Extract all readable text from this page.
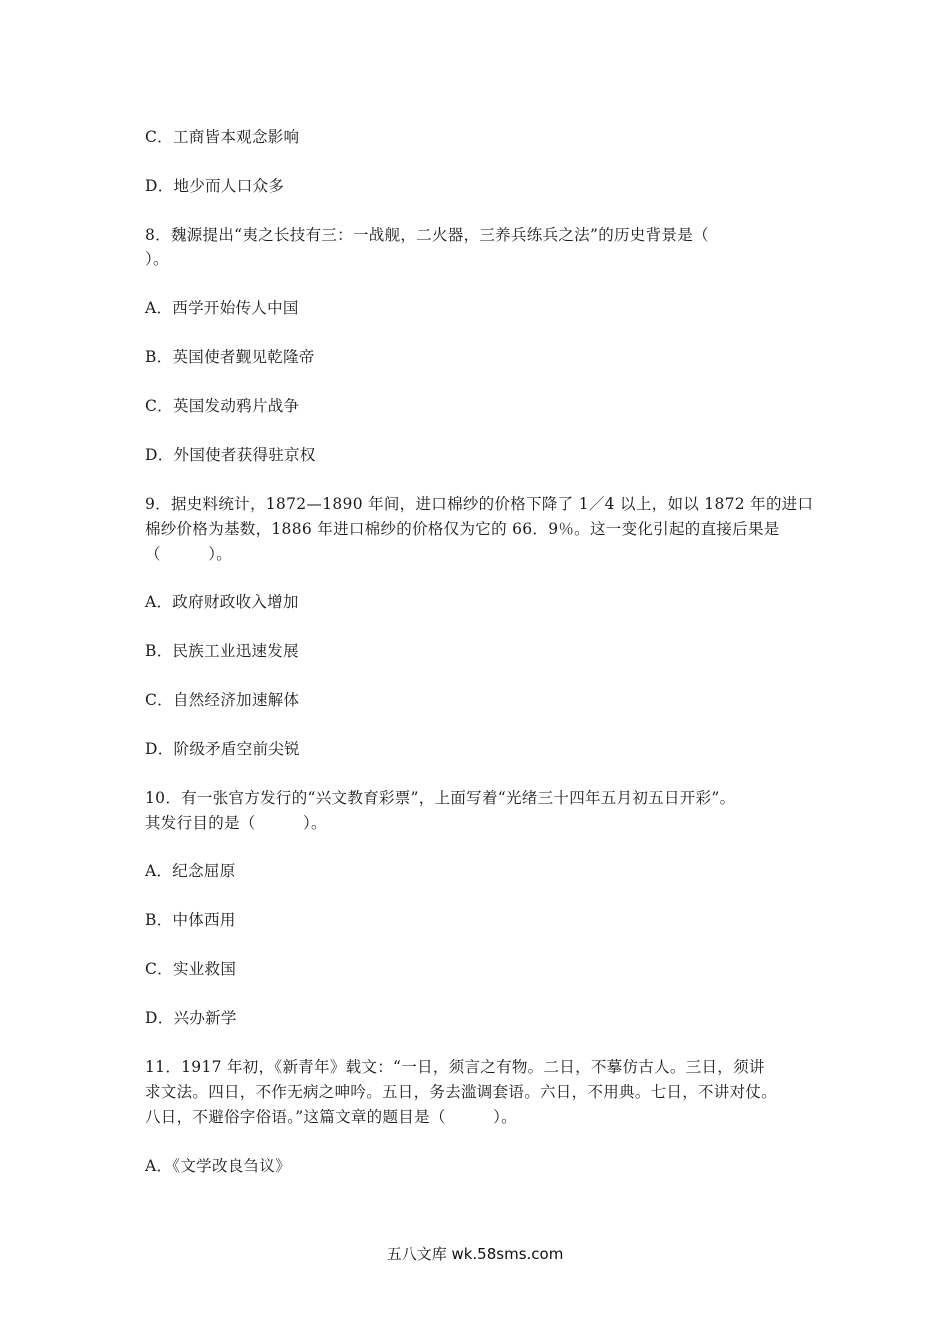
C．工商皆本观念影响
D．地少而人口众多
8．魏源提出“夷之长技有三：一战舰，二火器，三养兵练兵之法”的历史背景是（
）。
A．西学开始传人中国
B．英国使者觐见乾隆帝
C．英国发动鸦片战争
D．外国使者获得驻京权
9．据史料统计，1872—1890 年间，进口棉纱的价格下降了 1／4 以上，如以 1872 年的进口
棉纱价格为基数，1886 年进口棉纱的价格仅为它的 66．9％。这一变化引起的直接后果是
（　　　）。
A．政府财政收入增加
B．民族工业迅速发展
C．自然经济加速解体
D．阶级矛盾空前尖锐
10．有一张官方发行的“兴文教育彩票”，上面写着“光绪三十四年五月初五日开彩”。
其发行目的是（　　　）。
A．纪念屈原
B．中体西用
C．实业救国
D．兴办新学
11．1917 年初，《新青年》载文：“一日，须言之有物。二日，不摹仿古人。三日，须讲
求文法。四日，不作无病之呻吟。五日，务去滥调套语。六日，不用典。七日，不讲对仗。
八日，不避俗字俗语。”这篇文章的题目是（　　　）。
A．《文学改良刍议》
五八文库 wk.58sms.com
